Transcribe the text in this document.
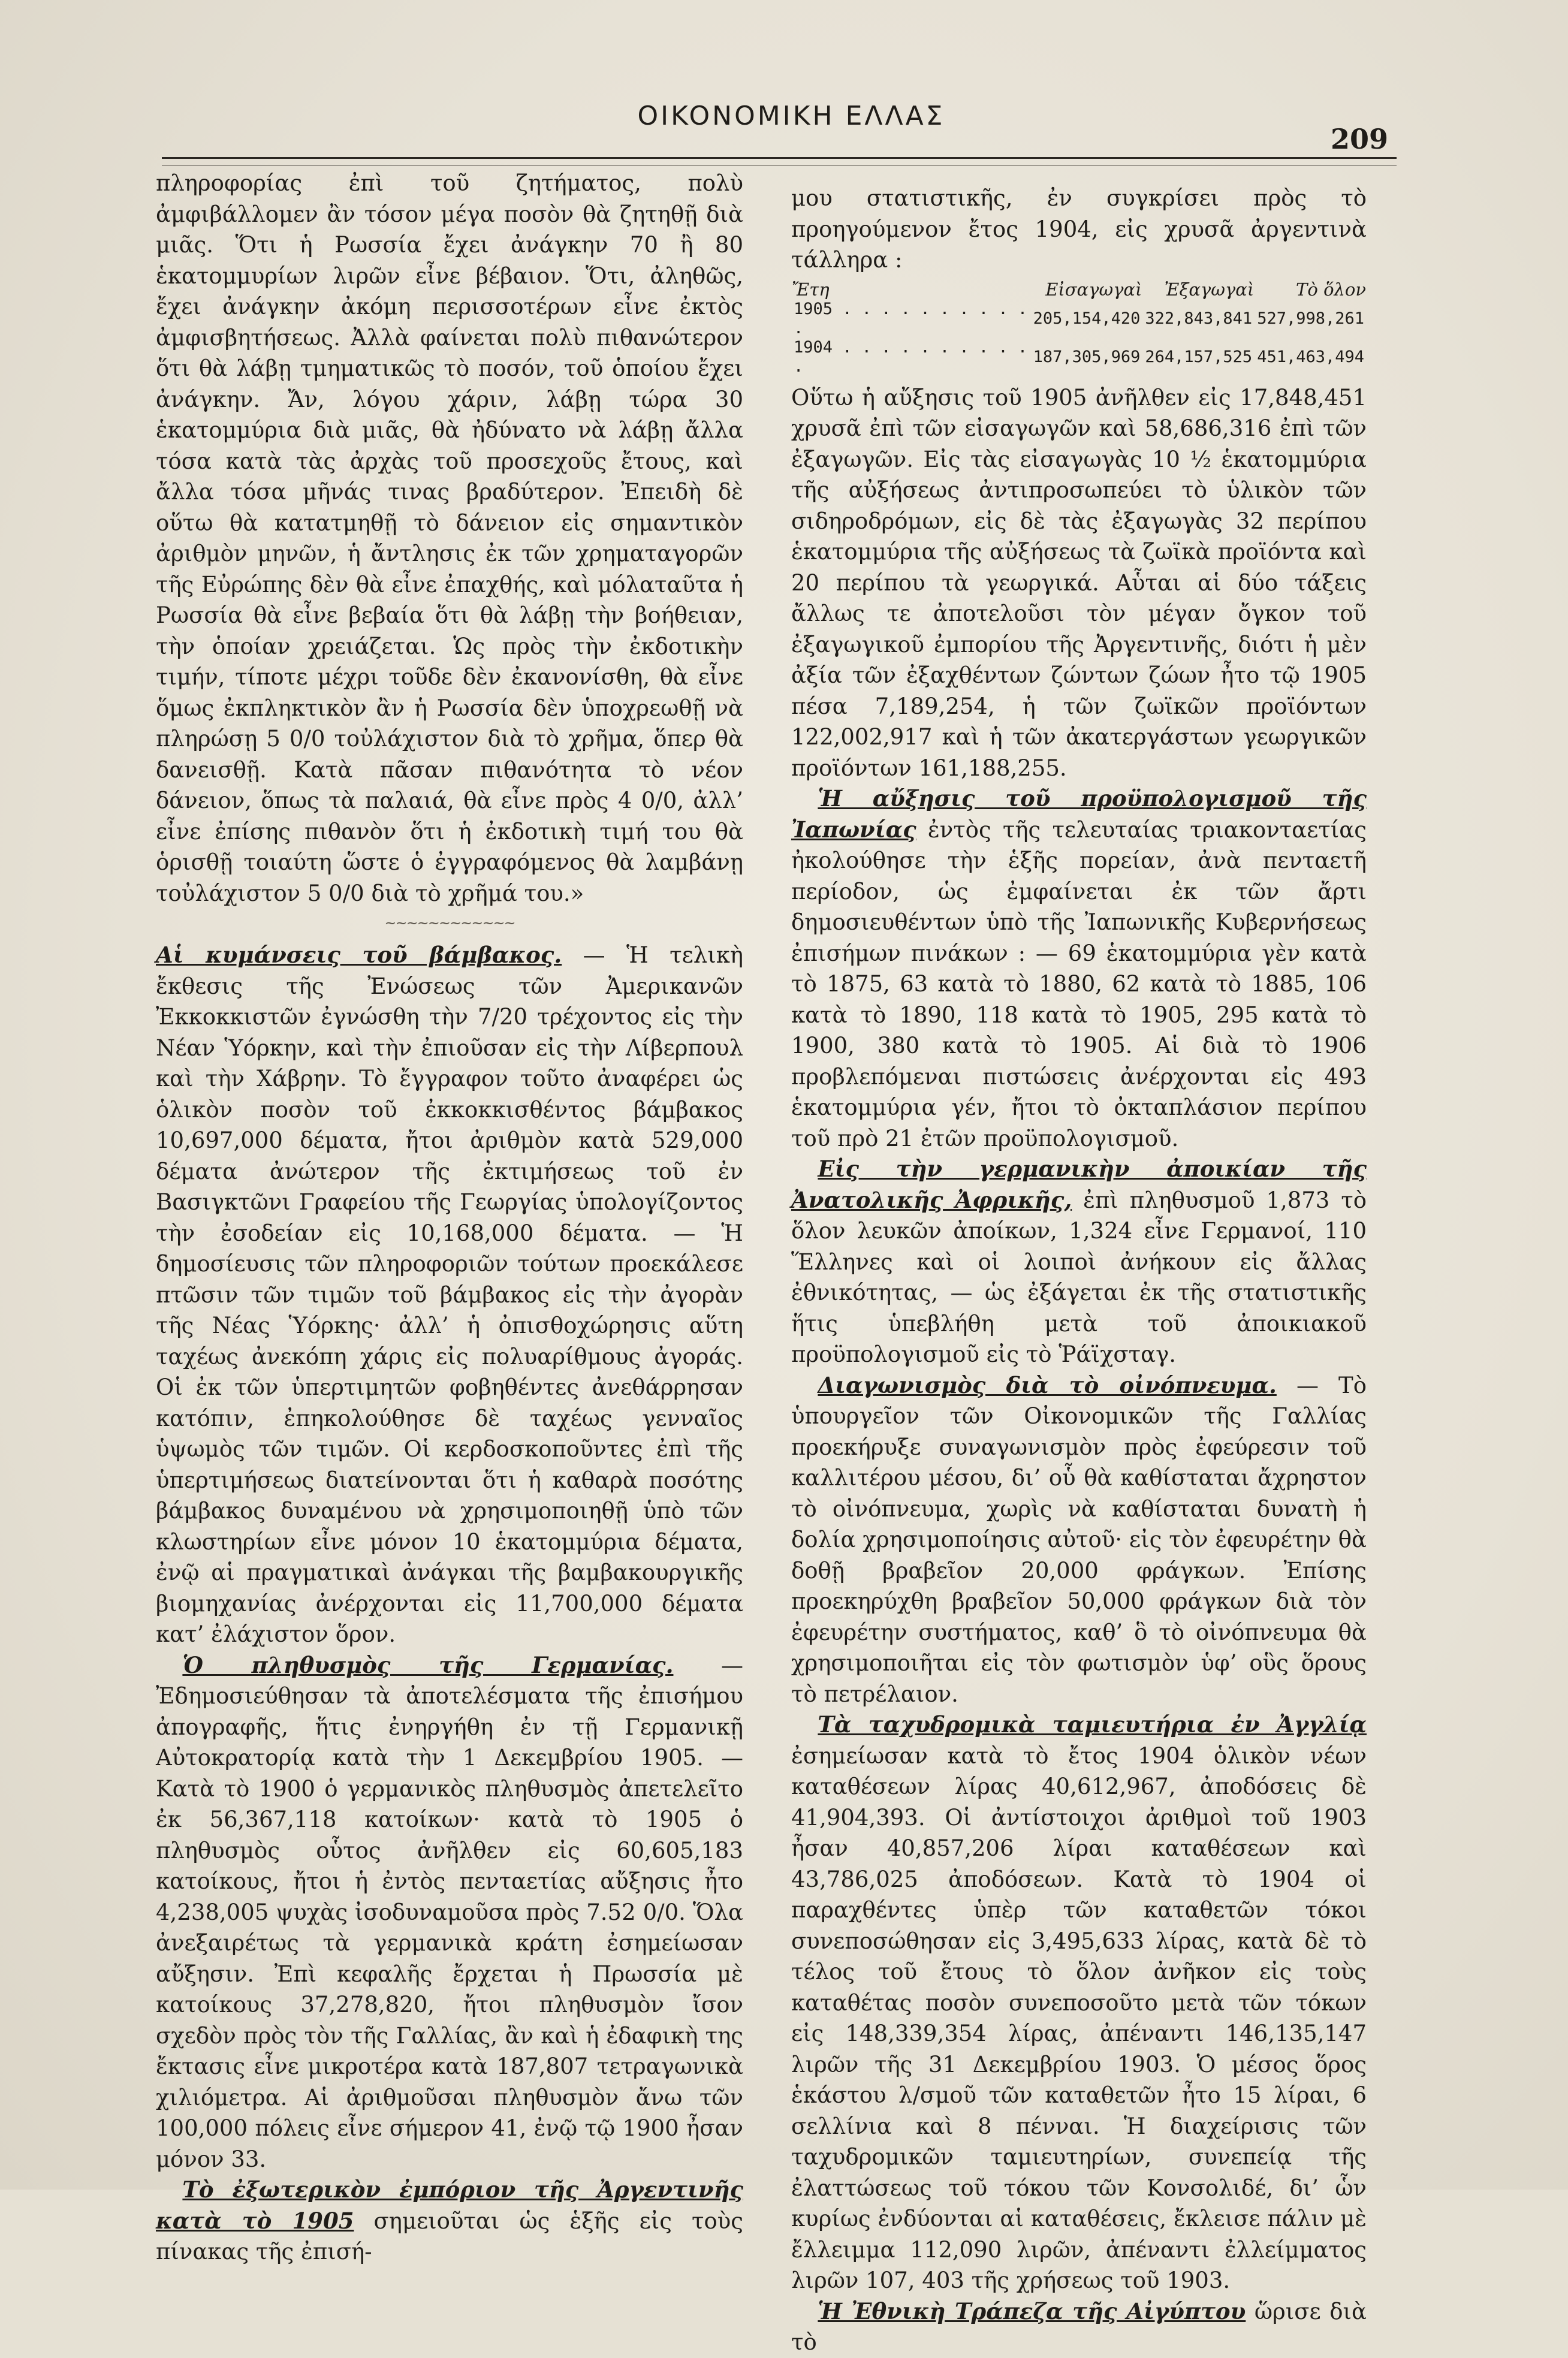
OIKONOMIKH ΕΛΛΑΣ
209

πληροφορίας ἐπὶ τοῦ ζητήματος, πολὺ ἀμφιβάλλομεν ἂν τόσον μέγα ποσὸν θὰ ζητηθῇ διὰ μιᾶς. Ὅτι ἡ Ρωσσία ἔχει ἀνάγκην 70 ἢ 80 ἑκατομμυρίων λιρῶν εἶνε βέβαιον. Ὅτι, ἀληθῶς, ἔχει ἀνάγκην ἀκόμη περισσοτέρων εἶνε ἐκτὸς ἀμφισβητήσεως. Ἀλλὰ φαίνεται πολὺ πιθανώτερον ὅτι θὰ λάβῃ τμηματικῶς τὸ ποσόν, τοῦ ὁποίου ἔχει ἀνάγκην. Ἄν, λόγου χάριν, λάβῃ τώρα 30 ἑκατομμύρια διὰ μιᾶς, θὰ ἠδύνατο νὰ λάβῃ ἄλλα τόσα κατὰ τὰς ἀρχὰς τοῦ προσεχοῦς ἔτους, καὶ ἄλλα τόσα μῆνάς τινας βραδύτερον. Ἐπειδὴ δὲ οὕτω θὰ κατατμηθῇ τὸ δάνειον εἰς σημαντικὸν ἀριθμὸν μηνῶν, ἡ ἄντλησις ἐκ τῶν χρηματαγορῶν τῆς Εὐρώπης δὲν θὰ εἶνε ἐπαχθής, καὶ μόλαταῦτα ἡ Ρωσσία θὰ εἶνε βεβαία ὅτι θὰ λάβῃ τὴν βοήθειαν, τὴν ὁποίαν χρειάζεται. Ὡς πρὸς τὴν ἐκδοτικὴν τιμήν, τίποτε μέχρι τοῦδε δὲν ἐκανονίσθη, θὰ εἶνε ὅμως ἐκπληκτικὸν ἂν ἡ Ρωσσία δὲν ὑποχρεωθῇ νὰ πληρώσῃ 5 0/0 τοὐλάχιστον διὰ τὸ χρῆμα, ὅπερ θὰ δανεισθῇ. Κατὰ πᾶσαν πιθανότητα τὸ νέον δάνειον, ὅπως τὰ παλαιά, θὰ εἶνε πρὸς 4 0/0, ἀλλ’ εἶνε ἐπίσης πιθανὸν ὅτι ἡ ἐκδοτικὴ τιμή του θὰ ὁρισθῇ τοιαύτη ὥστε ὁ ἐγγραφόμενος θὰ λαμβάνῃ τοὐλάχιστον 5 0/0 διὰ τὸ χρῆμά του.»

~~~~~~~~~~~~

Αἱ κυμάνσεις τοῦ βάμβακος. — Ἡ τελικὴ ἔκθεσις τῆς Ἐνώσεως τῶν Ἀμερικανῶν Ἐκκοκκιστῶν ἐγνώσθη τὴν 7/20 τρέχοντος εἰς τὴν Νέαν Ὑόρκην, καὶ τὴν ἐπιοῦσαν εἰς τὴν Λίβερπουλ καὶ τὴν Χάβρην. Τὸ ἔγγραφον τοῦτο ἀναφέρει ὡς ὁλικὸν ποσὸν τοῦ ἐκκοκκισθέντος βάμβακος 10,697,000 δέματα, ἤτοι ἀριθμὸν κατὰ 529,000 δέματα ἀνώτερον τῆς ἐκτιμήσεως τοῦ ἐν Βασιγκτῶνι Γραφείου τῆς Γεωργίας ὑπολογίζοντος τὴν ἐσοδείαν εἰς 10,168,000 δέματα. — Ἡ δημοσίευσις τῶν πληροφοριῶν τούτων προεκάλεσε πτῶσιν τῶν τιμῶν τοῦ βάμβακος εἰς τὴν ἀγορὰν τῆς Νέας Ὑόρκης· ἀλλ’ ἡ ὀπισθοχώρησις αὕτη ταχέως ἀνεκόπη χάρις εἰς πολυαρίθμους ἀγοράς. Οἱ ἐκ τῶν ὑπερτιμητῶν φοβηθέντες ἀνεθάρρησαν κατόπιν, ἐπηκολούθησε δὲ ταχέως γενναῖος ὑψωμὸς τῶν τιμῶν. Οἱ κερδοσκοποῦντες ἐπὶ τῆς ὑπερτιμήσεως διατείνονται ὅτι ἡ καθαρὰ ποσότης βάμβακος δυναμένου νὰ χρησιμοποιηθῇ ὑπὸ τῶν κλωστηρίων εἶνε μόνον 10 ἑκατομμύρια δέματα, ἐνῷ αἱ πραγματικαὶ ἀνάγκαι τῆς βαμβακουργικῆς βιομηχανίας ἀνέρχονται εἰς 11,700,000 δέματα κατ’ ἐλάχιστον ὅρον.

Ὁ πληθυσμὸς τῆς Γερμανίας. — Ἐδημοσιεύθησαν τὰ ἀποτελέσματα τῆς ἐπισήμου ἀπογραφῆς, ἥτις ἐνηργήθη ἐν τῇ Γερμανικῇ Αὐτοκρατορίᾳ κατὰ τὴν 1 Δεκεμβρίου 1905. — Κατὰ τὸ 1900 ὁ γερμανικὸς πληθυσμὸς ἀπετελεῖτο ἐκ 56,367,118 κατοίκων· κατὰ τὸ 1905 ὁ πληθυσμὸς οὗτος ἀνῆλθεν εἰς 60,605,183 κατοίκους, ἤτοι ἡ ἐντὸς πενταετίας αὔξησις ἦτο 4,238,005 ψυχὰς ἰσοδυναμοῦσα πρὸς 7.52 0/0. Ὅλα ἀνεξαιρέτως τὰ γερμανικὰ κράτη ἐσημείωσαν αὔξησιν. Ἐπὶ κεφαλῆς ἔρχεται ἡ Πρωσσία μὲ κατοίκους 37,278,820, ἤτοι πληθυσμὸν ἴσον σχεδὸν πρὸς τὸν τῆς Γαλλίας, ἂν καὶ ἡ ἐδαφικὴ της ἔκτασις εἶνε μικροτέρα κατὰ 187,807 τετραγωνικὰ χιλιόμετρα. Αἱ ἀριθμοῦσαι πληθυσμὸν ἄνω τῶν 100,000 πόλεις εἶνε σήμερον 41, ἐνῷ τῷ 1900 ἦσαν μόνον 33.

Τὸ ἐξωτερικὸν ἐμπόριον τῆς Ἀργεντινῆς κατὰ τὸ 1905 σημειοῦται ὡς ἑξῆς εἰς τοὺς πίνακας τῆς ἐπισή-

μου στατιστικῆς, ἐν συγκρίσει πρὸς τὸ προηγούμενον ἔτος 1904, εἰς χρυσᾶ ἀργεντινὰ τάλληρα :

Ἔτη	Εἰσαγωγαὶ	Ἐξαγωγαὶ	Τὸ ὅλον
1905 . . . . . . . . . . .	205,154,420	322,843,841	527,998,261
1904 . . . . . . . . . . .	187,305,969	264,157,525	451,463,494

Οὕτω ἡ αὔξησις τοῦ 1905 ἀνῆλθεν εἰς 17,848,451 χρυσᾶ ἐπὶ τῶν εἰσαγωγῶν καὶ 58,686,316 ἐπὶ τῶν ἐξαγωγῶν. Εἰς τὰς εἰσαγωγὰς 10 ½ ἑκατομμύρια τῆς αὐξήσεως ἀντιπροσωπεύει τὸ ὑλικὸν τῶν σιδηροδρόμων, εἰς δὲ τὰς ἐξαγωγὰς 32 περίπου ἑκατομμύρια τῆς αὐξήσεως τὰ ζωϊκὰ προϊόντα καὶ 20 περίπου τὰ γεωργικά. Αὗται αἱ δύο τάξεις ἄλλως τε ἀποτελοῦσι τὸν μέγαν ὄγκον τοῦ ἐξαγωγικοῦ ἐμπορίου τῆς Ἀργεντινῆς, διότι ἡ μὲν ἀξία τῶν ἐξαχθέντων ζώντων ζώων ἦτο τῷ 1905 πέσα 7,189,254, ἡ τῶν ζωϊκῶν προϊόντων 122,002,917 καὶ ἡ τῶν ἀκατεργάστων γεωργικῶν προϊόντων 161,188,255.

Ἡ αὔξησις τοῦ προϋπολογισμοῦ τῆς Ἰαπωνίας ἐντὸς τῆς τελευταίας τριακονταετίας ἠκολούθησε τὴν ἑξῆς πορείαν, ἀνὰ πενταετῆ περίοδον, ὡς ἐμφαίνεται ἐκ τῶν ἄρτι δημοσιευθέντων ὑπὸ τῆς Ἰαπωνικῆς Κυβερνήσεως ἐπισήμων πινάκων : — 69 ἑκατομμύρια γὲν κατὰ τὸ 1875, 63 κατὰ τὸ 1880, 62 κατὰ τὸ 1885, 106 κατὰ τὸ 1890, 118 κατὰ τὸ 1905, 295 κατὰ τὸ 1900, 380 κατὰ τὸ 1905. Αἱ διὰ τὸ 1906 προβλεπόμεναι πιστώσεις ἀνέρχονται εἰς 493 ἑκατομμύρια γέν, ἤτοι τὸ ὀκταπλάσιον περίπου τοῦ πρὸ 21 ἐτῶν προϋπολογισμοῦ.

Εἰς τὴν γερμανικὴν ἀποικίαν τῆς Ἀνατολικῆς Ἀφρικῆς, ἐπὶ πληθυσμοῦ 1,873 τὸ ὅλον λευκῶν ἀποίκων, 1,324 εἶνε Γερμανοί, 110 Ἕλληνες καὶ οἱ λοιποὶ ἀνήκουν εἰς ἄλλας ἐθνικότητας, — ὡς ἐξάγεται ἐκ τῆς στατιστικῆς ἥτις ὑπεβλήθη μετὰ τοῦ ἀποικιακοῦ προϋπολογισμοῦ εἰς τὸ Ῥάϊχσταγ.

Διαγωνισμὸς διὰ τὸ οἰνόπνευμα. — Τὸ ὑπουργεῖον τῶν Οἰκονομικῶν τῆς Γαλλίας προεκήρυξε συναγωνισμὸν πρὸς ἐφεύρεσιν τοῦ καλλιτέρου μέσου, δι’ οὗ θὰ καθίσταται ἄχρηστον τὸ οἰνόπνευμα, χωρὶς νὰ καθίσταται δυνατὴ ἡ δολία χρησιμοποίησις αὐτοῦ· εἰς τὸν ἐφευρέτην θὰ δοθῇ βραβεῖον 20,000 φράγκων. Ἐπίσης προεκηρύχθη βραβεῖον 50,000 φράγκων διὰ τὸν ἐφευρέτην συστήματος, καθ’ ὃ τὸ οἰνόπνευμα θὰ χρησιμοποιῆται εἰς τὸν φωτισμὸν ὑφ’ οὓς ὅρους τὸ πετρέλαιον.

Τὰ ταχυδρομικὰ ταμιευτήρια ἐν Ἀγγλίᾳ ἐσημείωσαν κατὰ τὸ ἔτος 1904 ὁλικὸν νέων καταθέσεων λίρας 40,612,967, ἀποδόσεις δὲ 41,904,393. Οἱ ἀντίστοιχοι ἀριθμοὶ τοῦ 1903 ἦσαν 40,857,206 λίραι καταθέσεων καὶ 43,786,025 ἀποδόσεων. Κατὰ τὸ 1904 οἱ παραχθέντες ὑπὲρ τῶν καταθετῶν τόκοι συνεποσώθησαν εἰς 3,495,633 λίρας, κατὰ δὲ τὸ τέλος τοῦ ἔτους τὸ ὅλον ἀνῆκον εἰς τοὺς καταθέτας ποσὸν συνεποσοῦτο μετὰ τῶν τόκων εἰς 148,339,354 λίρας, ἀπέναντι 146,135,147 λιρῶν τῆς 31 Δεκεμβρίου 1903. Ὁ μέσος ὅρος ἑκάστου λ/σμοῦ τῶν καταθετῶν ἦτο 15 λίραι, 6 σελλίνια καὶ 8 πένναι. Ἡ διαχείρισις τῶν ταχυδρομικῶν ταμιευτηρίων, συνεπείᾳ τῆς ἐλαττώσεως τοῦ τόκου τῶν Κονσολιδέ, δι’ ὧν κυρίως ἐνδύονται αἱ καταθέσεις, ἔκλεισε πάλιν μὲ ἔλλειμμα 112,090 λιρῶν, ἀπέναντι ἐλλείμματος λιρῶν 107, 403 τῆς χρήσεως τοῦ 1903.

Ἡ Ἐθνικὴ Τράπεζα τῆς Αἰγύπτου ὥρισε διὰ τὸ
